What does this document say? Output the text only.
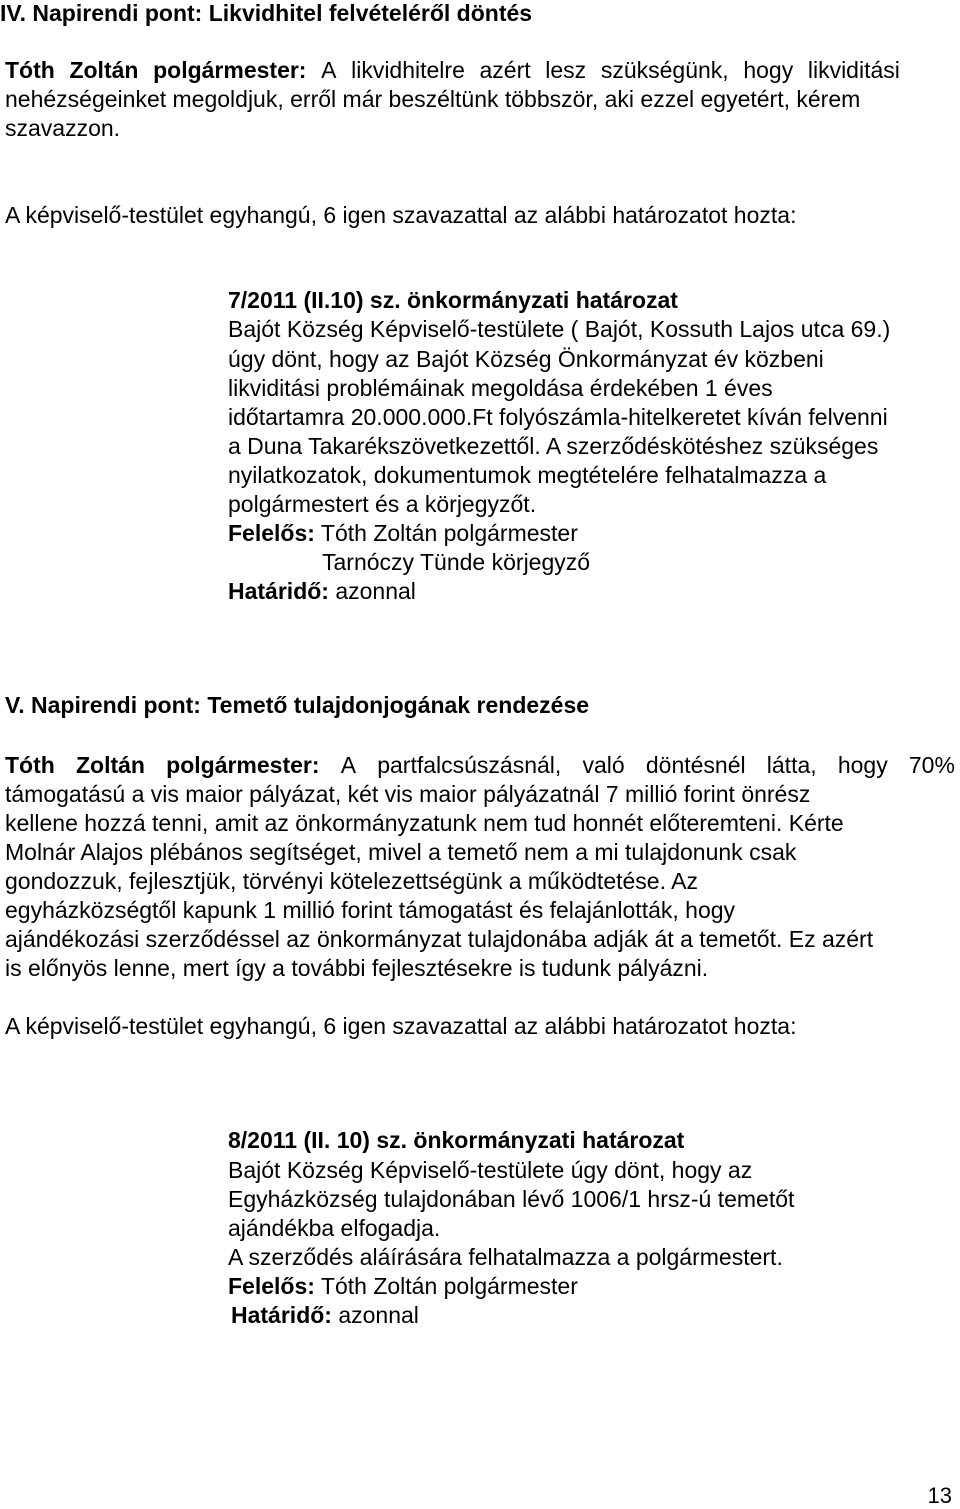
IV. Napirendi pont: Likvidhitel felvételéről döntés
Tóth Zoltán polgármester: A likvidhitelre azért lesz szükségünk, hogy likviditási
nehézségeinket megoldjuk, erről már beszéltünk többször, aki ezzel egyetért, kérem
szavazzon.
A képviselő-testület egyhangú, 6 igen szavazattal az alábbi határozatot hozta:
7/2011 (II.10) sz. önkormányzati határozat
Bajót Község Képviselő-testülete ( Bajót, Kossuth Lajos utca 69.)
úgy dönt, hogy az Bajót Község Önkormányzat év közbeni
likviditási problémáinak megoldása érdekében 1 éves
időtartamra 20.000.000.Ft folyószámla-hitelkeretet kíván felvenni
a Duna Takarékszövetkezettől. A szerződéskötéshez szükséges
nyilatkozatok, dokumentumok megtételére felhatalmazza a
polgármestert és a körjegyzőt.
Felelős: Tóth Zoltán polgármester
Tarnóczy Tünde körjegyző
Határidő: azonnal
V. Napirendi pont: Temető tulajdonjogának rendezése
Tóth Zoltán polgármester: A partfalcsúszásnál, való döntésnél látta, hogy 70%
támogatású a vis maior pályázat, két vis maior pályázatnál 7 millió forint önrész
kellene hozzá tenni, amit az önkormányzatunk nem tud honnét előteremteni. Kérte
Molnár Alajos plébános segítséget, mivel a temető nem a mi tulajdonunk csak
gondozzuk, fejlesztjük, törvényi kötelezettségünk a működtetése. Az
egyházközségtől kapunk 1 millió forint támogatást és felajánlották, hogy
ajándékozási szerződéssel az önkormányzat tulajdonába adják át a temetőt. Ez azért
is előnyös lenne, mert így a további fejlesztésekre is tudunk pályázni.
A képviselő-testület egyhangú, 6 igen szavazattal az alábbi határozatot hozta:
8/2011 (II. 10) sz. önkormányzati határozat
Bajót Község Képviselő-testülete úgy dönt, hogy az
Egyházközség tulajdonában lévő 1006/1 hrsz-ú temetőt
ajándékba elfogadja.
A szerződés aláírására felhatalmazza a polgármestert.
Felelős: Tóth Zoltán polgármester
Határidő: azonnal
13
